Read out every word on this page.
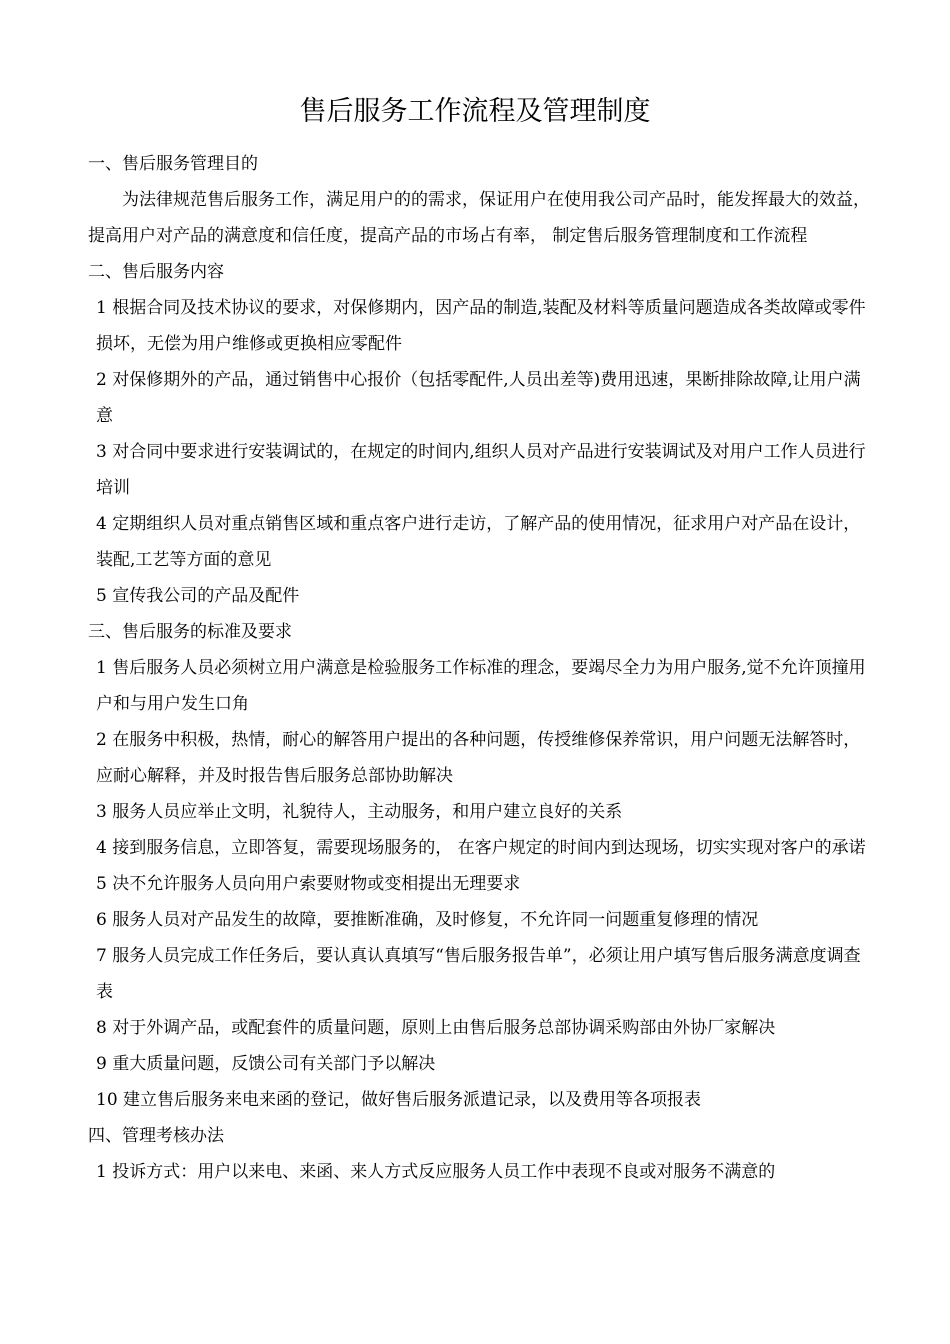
售后服务工作流程及管理制度

一、售后服务管理目的

为法律规范售后服务工作，满足用户的的需求，保证用户在使用我公司产品时，能发挥最大的效益，提高用户对产品的满意度和信任度，提高产品的市场占有率， 制定售后服务管理制度和工作流程

二、售后服务内容

1 根据合同及技术协议的要求，对保修期内，因产品的制造,装配及材料等质量问题造成各类故障或零件损坏，无偿为用户维修或更换相应零配件

2 对保修期外的产品，通过销售中心报价（包括零配件,人员出差等)费用迅速，果断排除故障,让用户满意

3 对合同中要求进行安装调试的，在规定的时间内,组织人员对产品进行安装调试及对用户工作人员进行培训

4 定期组织人员对重点销售区域和重点客户进行走访，了解产品的使用情况，征求用户对产品在设计，装配,工艺等方面的意见

5 宣传我公司的产品及配件

三、售后服务的标准及要求

1 售后服务人员必须树立用户满意是检验服务工作标准的理念，要竭尽全力为用户服务,觉不允许顶撞用户和与用户发生口角

2 在服务中积极，热情，耐心的解答用户提出的各种问题，传授维修保养常识，用户问题无法解答时，应耐心解释，并及时报告售后服务总部协助解决

3 服务人员应举止文明，礼貌待人，主动服务，和用户建立良好的关系

4 接到服务信息，立即答复，需要现场服务的， 在客户规定的时间内到达现场，切实实现对客户的承诺

5 决不允许服务人员向用户索要财物或变相提出无理要求

6 服务人员对产品发生的故障，要推断准确，及时修复，不允许同一问题重复修理的情况

7 服务人员完成工作任务后，要认真认真填写“售后服务报告单”，必须让用户填写售后服务满意度调查表

8 对于外调产品，或配套件的质量问题，原则上由售后服务总部协调采购部由外协厂家解决

9 重大质量问题，反馈公司有关部门予以解决

10 建立售后服务来电来函的登记，做好售后服务派遣记录，以及费用等各项报表

四、管理考核办法

1 投诉方式：用户以来电、来函、来人方式反应服务人员工作中表现不良或对服务不满意的
